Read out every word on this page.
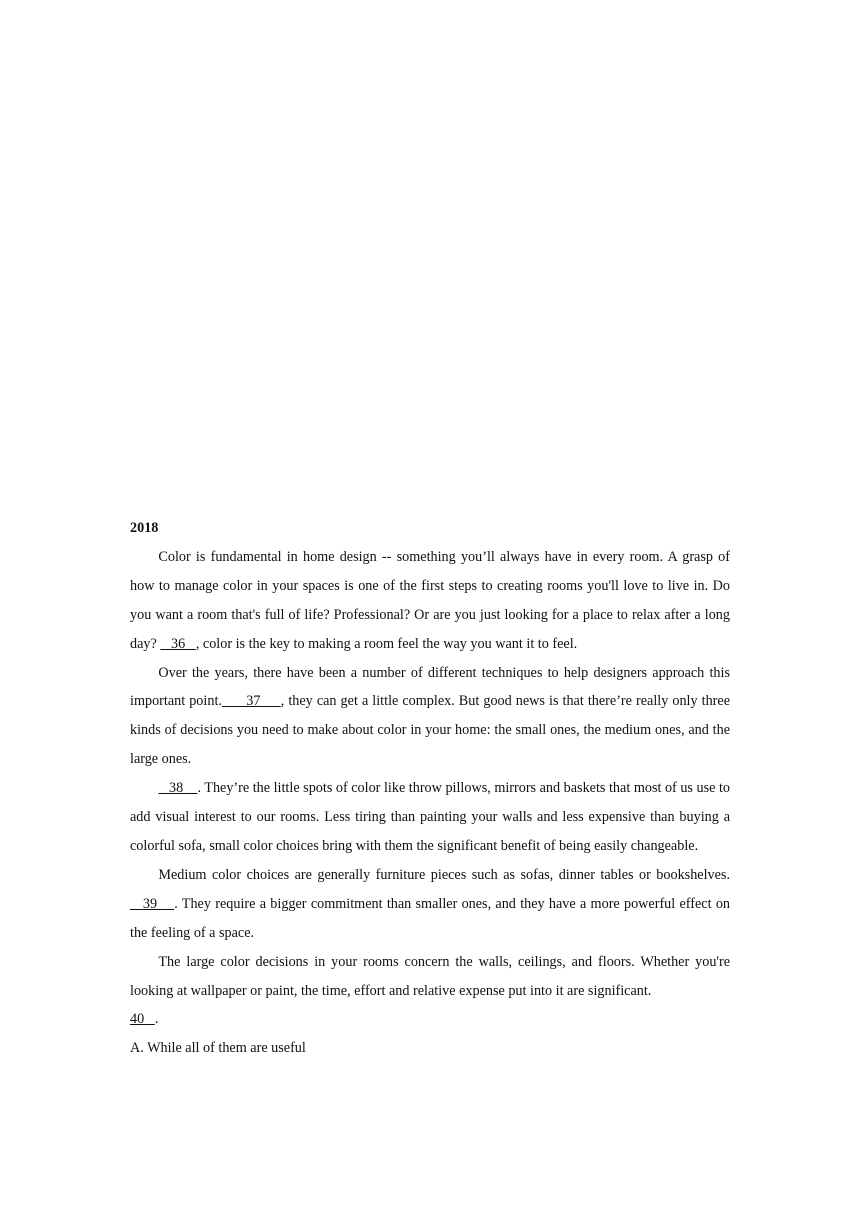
2018

Color is fundamental in home design -- something you’ll always have in every room. A grasp of how to manage color in your spaces is one of the first steps to creating rooms you'll love to live in. Do you want a room that's full of life? Professional? Or are you just looking for a place to relax after a long day?    36   , color is the key to making a room feel the way you want it to feel.

Over the years, there have been a number of different techniques to help designers approach this important point.      37     , they can get a little complex. But good news is that there’re really only three kinds of decisions you need to make about color in your home: the small ones, the medium ones, and the large ones.

38    . They’re the little spots of color like throw pillows, mirrors and baskets that most of us use to add visual interest to our rooms. Less tiring than painting your walls and less expensive than buying a colorful sofa, small color choices bring with them the significant benefit of being easily changeable.

Medium color choices are generally furniture pieces such as sofas, dinner tables or bookshelves.    39    . They require a bigger commitment than smaller ones, and they have a more powerful effect on the feeling of a space.

The large color decisions in your rooms concern the walls, ceilings, and floors. Whether you're looking at wallpaper or paint, the time, effort and relative expense put into it are significant.

40   .

A. While all of them are useful
